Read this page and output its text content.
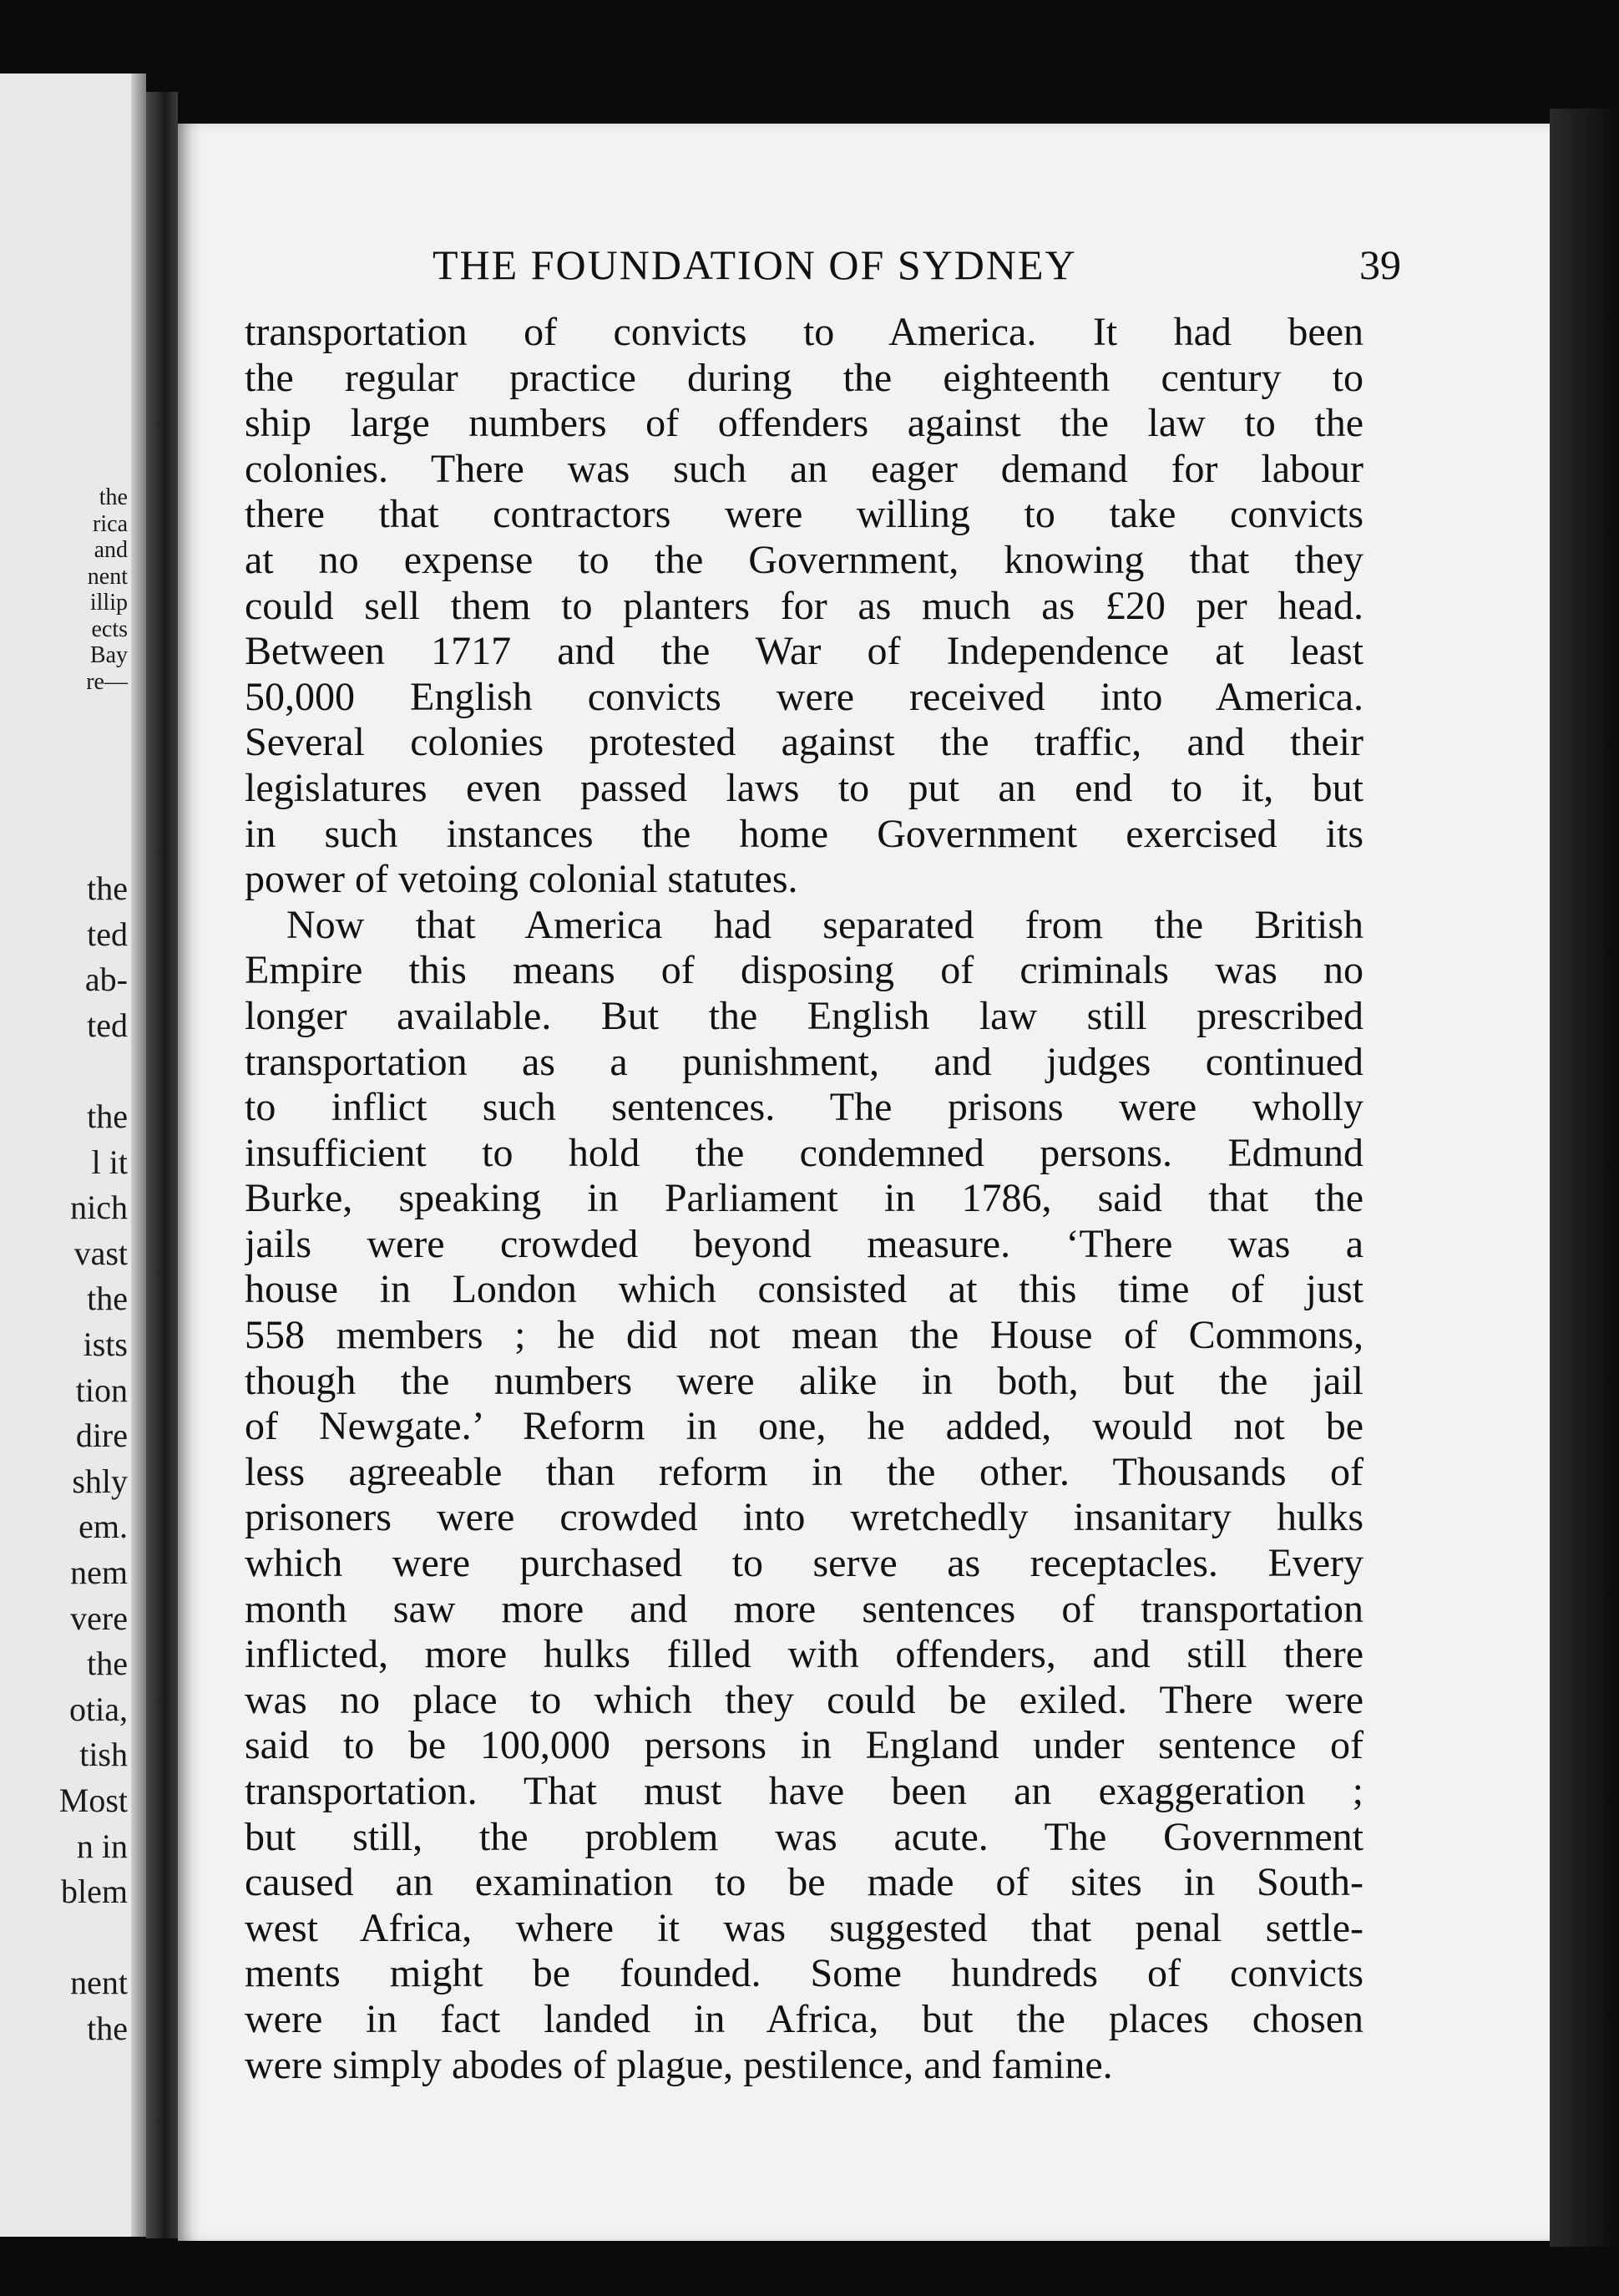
the
rica
and
nent
illip
ects
Bay
re—
the
ted
ab-
ted
the
l it
nich
vast
the
ists
tion
dire
shly
em.
nem
vere
the
otia,
tish
Most
n in
blem
nent
the
THE FOUNDATION OF SYDNEY	39
transportation of convicts to America. It had been
the regular practice during the eighteenth century to
ship large numbers of offenders against the law to the
colonies. There was such an eager demand for labour
there that contractors were willing to take convicts
at no expense to the Government, knowing that they
could sell them to planters for as much as £20 per head.
Between 1717 and the War of Independence at least
50,000 English convicts were received into America.
Several colonies protested against the traffic, and their
legislatures even passed laws to put an end to it, but
in such instances the home Government exercised its
power of vetoing colonial statutes.
Now that America had separated from the British
Empire this means of disposing of criminals was no
longer available. But the English law still prescribed
transportation as a punishment, and judges continued
to inflict such sentences. The prisons were wholly
insufficient to hold the condemned persons. Edmund
Burke, speaking in Parliament in 1786, said that the
jails were crowded beyond measure. ‘There was a
house in London which consisted at this time of just
558 members ; he did not mean the House of Commons,
though the numbers were alike in both, but the jail
of Newgate.’ Reform in one, he added, would not be
less agreeable than reform in the other. Thousands of
prisoners were crowded into wretchedly insanitary hulks
which were purchased to serve as receptacles. Every
month saw more and more sentences of transportation
inflicted, more hulks filled with offenders, and still there
was no place to which they could be exiled. There were
said to be 100,000 persons in England under sentence of
transportation. That must have been an exaggeration ;
but still, the problem was acute. The Government
caused an examination to be made of sites in South-
west Africa, where it was suggested that penal settle-
ments might be founded. Some hundreds of convicts
were in fact landed in Africa, but the places chosen
were simply abodes of plague, pestilence, and famine.
